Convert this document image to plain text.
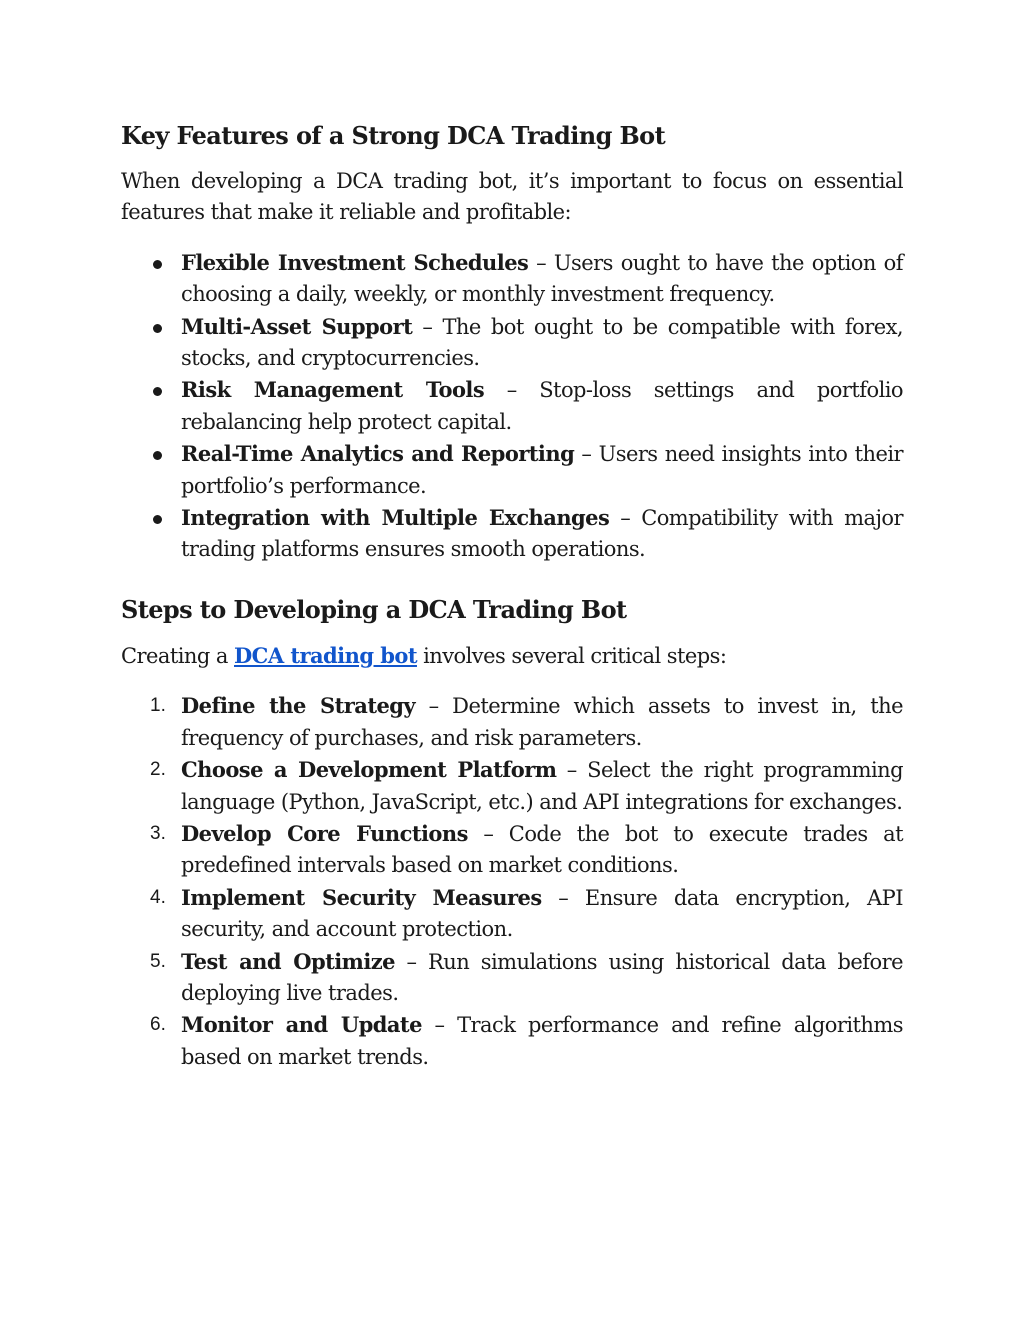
Key Features of a Strong DCA Trading Bot

When developing a DCA trading bot, it’s important to focus on essential features that make it reliable and profitable:

Flexible Investment Schedules – Users ought to have the option of choosing a daily, weekly, or monthly investment frequency.
Multi-Asset Support – The bot ought to be compatible with forex, stocks, and cryptocurrencies.
Risk Management Tools – Stop-loss settings and portfolio rebalancing help protect capital.
Real-Time Analytics and Reporting – Users need insights into their portfolio’s performance.
Integration with Multiple Exchanges – Compatibility with major trading platforms ensures smooth operations.
Steps to Developing a DCA Trading Bot

Creating a DCA trading bot involves several critical steps:

1. Define the Strategy – Determine which assets to invest in, the frequency of purchases, and risk parameters.
2. Choose a Development Platform – Select the right programming language (Python, JavaScript, etc.) and API integrations for exchanges.
3. Develop Core Functions – Code the bot to execute trades at predefined intervals based on market conditions.
4. Implement Security Measures – Ensure data encryption, API security, and account protection.
5. Test and Optimize – Run simulations using historical data before deploying live trades.
6. Monitor and Update – Track performance and refine algorithms based on market trends.
